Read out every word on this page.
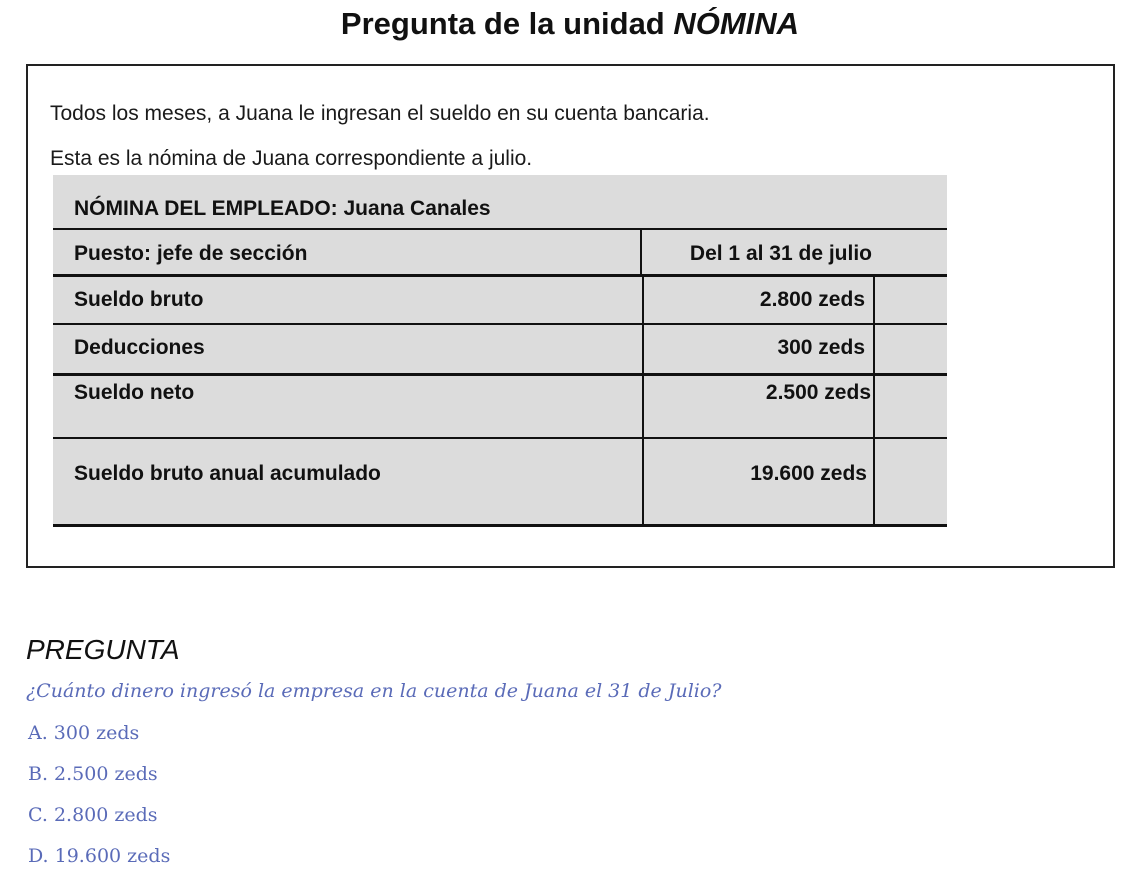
Pregunta de la unidad NÓMINA
Todos los meses, a Juana le ingresan el sueldo en su cuenta bancaria.
Esta es la nómina de Juana correspondiente a julio.
NÓMINA DEL EMPLEADO: Juana Canales
Puesto: jefe de sección	Del 1 al 31 de julio
Sueldo bruto	2.800 zeds
Deducciones	300 zeds
Sueldo neto	2.500 zeds
Sueldo bruto anual acumulado	19.600 zeds
PREGUNTA
¿Cuánto dinero ingresó la empresa en la cuenta de Juana el 31 de Julio?
A. 300 zeds
B. 2.500 zeds
C. 2.800 zeds
D. 19.600 zeds
